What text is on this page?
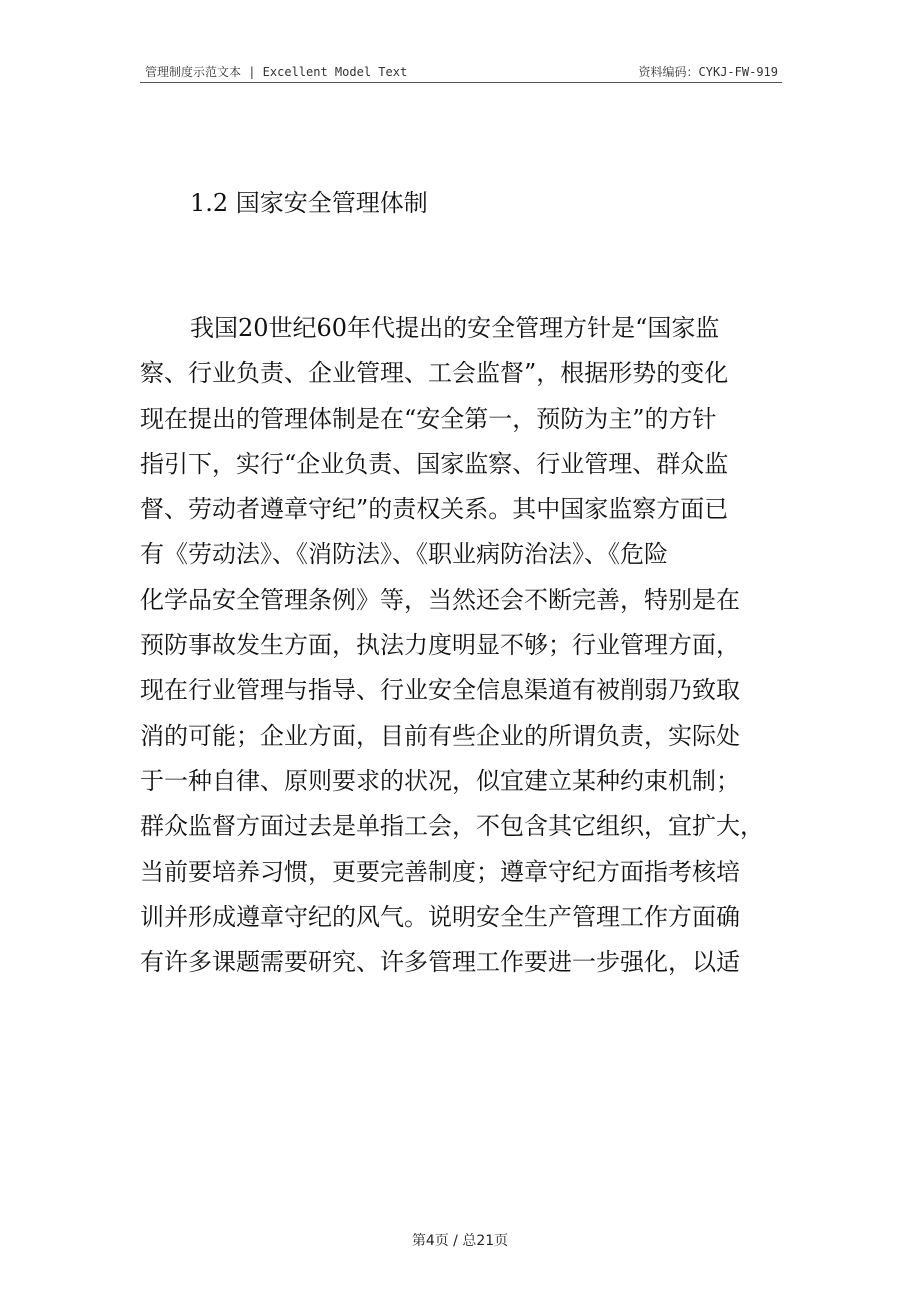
管理制度示范文本 | Excellent Model Text	资料编码：CYKJ-FW-919
1.2 国家安全管理体制
我国20世纪60年代提出的安全管理方针是“国家监
察、行业负责、企业管理、工会监督”，根据形势的变化
现在提出的管理体制是在“安全第一，预防为主”的方针
指引下，实行“企业负责、国家监察、行业管理、群众监
督、劳动者遵章守纪”的责权关系。其中国家监察方面已
有《劳动法》、《消防法》、《职业病防治法》、《危险
化学品安全管理条例》等，当然还会不断完善，特别是在
预防事故发生方面，执法力度明显不够；行业管理方面，
现在行业管理与指导、行业安全信息渠道有被削弱乃致取
消的可能；企业方面，目前有些企业的所谓负责，实际处
于一种自律、原则要求的状况，似宜建立某种约束机制；
群众监督方面过去是单指工会，不包含其它组织，宜扩大，
当前要培养习惯，更要完善制度；遵章守纪方面指考核培
训并形成遵章守纪的风气。说明安全生产管理工作方面确
有许多课题需要研究、许多管理工作要进一步强化，以适
第4页 / 总21页
